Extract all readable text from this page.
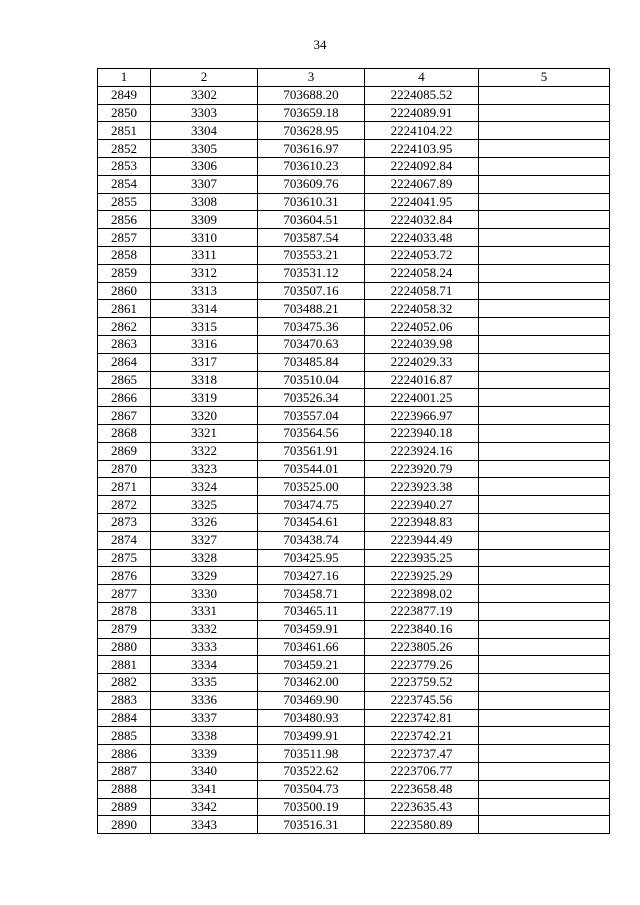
34
1	2	3	4	5
2849	3302	703688.20	2224085.52	
2850	3303	703659.18	2224089.91	
2851	3304	703628.95	2224104.22	
2852	3305	703616.97	2224103.95	
2853	3306	703610.23	2224092.84	
2854	3307	703609.76	2224067.89	
2855	3308	703610.31	2224041.95	
2856	3309	703604.51	2224032.84	
2857	3310	703587.54	2224033.48	
2858	3311	703553.21	2224053.72	
2859	3312	703531.12	2224058.24	
2860	3313	703507.16	2224058.71	
2861	3314	703488.21	2224058.32	
2862	3315	703475.36	2224052.06	
2863	3316	703470.63	2224039.98	
2864	3317	703485.84	2224029.33	
2865	3318	703510.04	2224016.87	
2866	3319	703526.34	2224001.25	
2867	3320	703557.04	2223966.97	
2868	3321	703564.56	2223940.18	
2869	3322	703561.91	2223924.16	
2870	3323	703544.01	2223920.79	
2871	3324	703525.00	2223923.38	
2872	3325	703474.75	2223940.27	
2873	3326	703454.61	2223948.83	
2874	3327	703438.74	2223944.49	
2875	3328	703425.95	2223935.25	
2876	3329	703427.16	2223925.29	
2877	3330	703458.71	2223898.02	
2878	3331	703465.11	2223877.19	
2879	3332	703459.91	2223840.16	
2880	3333	703461.66	2223805.26	
2881	3334	703459.21	2223779.26	
2882	3335	703462.00	2223759.52	
2883	3336	703469.90	2223745.56	
2884	3337	703480.93	2223742.81	
2885	3338	703499.91	2223742.21	
2886	3339	703511.98	2223737.47	
2887	3340	703522.62	2223706.77	
2888	3341	703504.73	2223658.48	
2889	3342	703500.19	2223635.43	
2890	3343	703516.31	2223580.89	
